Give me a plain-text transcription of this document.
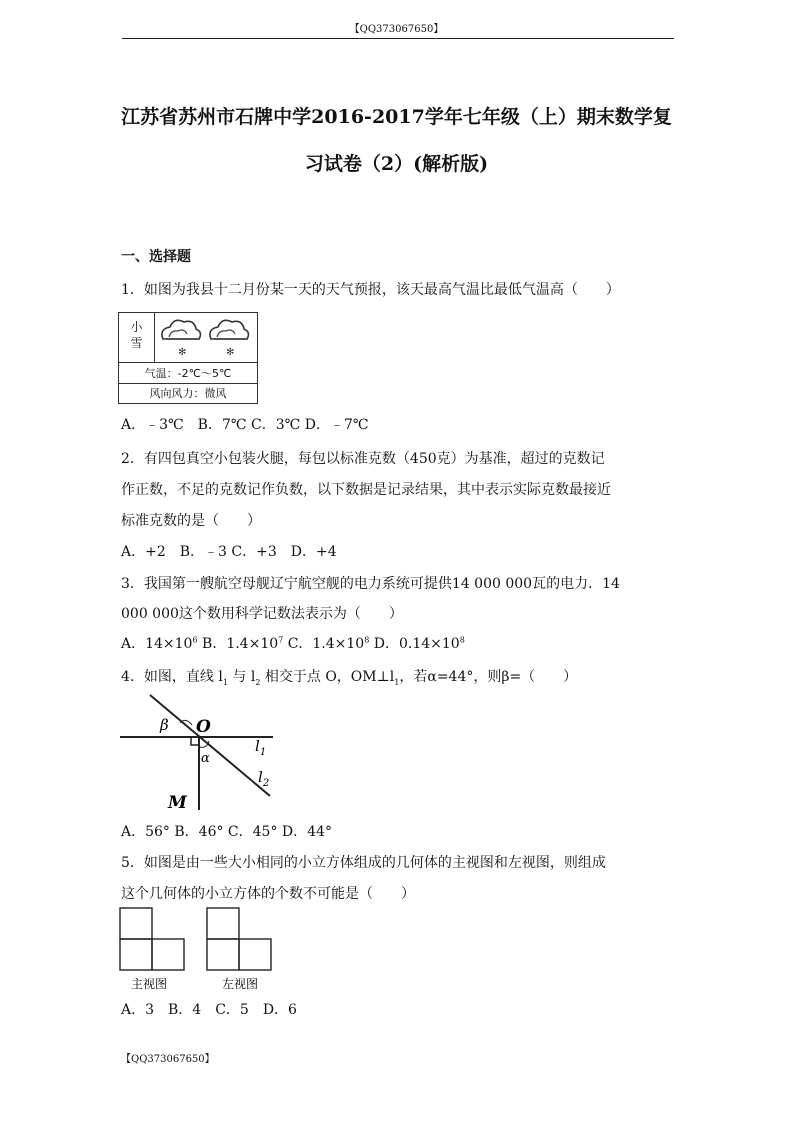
【QQ373067650】
江苏省苏州市石牌中学2016-2017学年七年级（上）期末数学复
习试卷（2）(解析版)
一、选择题
1．如图为我县十二月份某一天的天气预报，该天最高气温比最低气温高（　　）
小雪
✻	✻
气温：-2℃～5℃
风向风力：微风
A．﹣3℃　B．7℃ C．3℃ D．﹣7℃
2．有四包真空小包装火腿，每包以标准克数（450克）为基准，超过的克数记
作正数，不足的克数记作负数，以下数据是记录结果，其中表示实际克数最接近
标准克数的是（　　）
A．+2　B．﹣3 C．+3　D．+4
3．我国第一艘航空母舰辽宁航空舰的电力系统可提供14 000 000瓦的电力．14
000 000这个数用科学记数法表示为（　　）
A．$14\times 10^6$ B．$1.4\times 10^7$ C．$1.4\times 10^8$ D．$0.14\times 10^8$
4．如图，直线 $l_1$ 与 $l_2$ 相交于点 O，$OM\perp l_1$，若α=44°，则β=（　　）
β O
α
$l_1$
$l_2$
M
A．56° B．46° C．45° D．44°
5．如图是由一些大小相同的小立方体组成的几何体的主视图和左视图，则组成
这个几何体的小立方体的个数不可能是（　　）
主视图	左视图
A．3　B．4　C．5　D．6
【QQ373067650】
